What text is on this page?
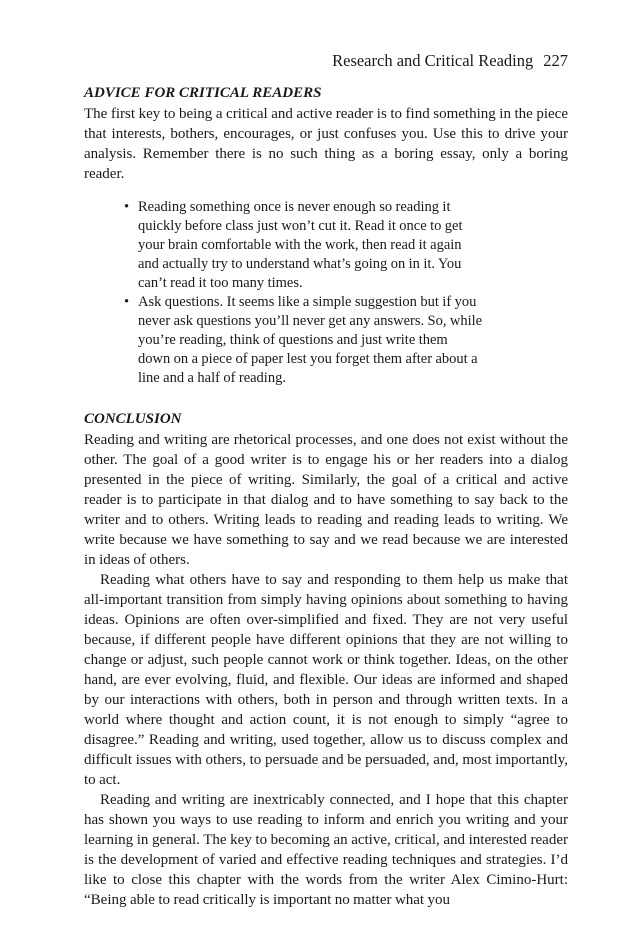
Research and Critical Reading 227
ADVICE FOR CRITICAL READERS

The first key to being a critical and active reader is to find something in the piece that interests, bothers, encourages, or just confuses you. Use this to drive your analysis. Remember there is no such thing as a boring essay, only a boring reader.

• Reading something once is never enough so reading it quickly before class just won’t cut it. Read it once to get your brain comfortable with the work, then read it again and actually try to understand what’s going on in it. You can’t read it too many times.
• Ask questions. It seems like a simple suggestion but if you never ask questions you’ll never get any answers. So, while you’re reading, think of questions and just write them down on a piece of paper lest you forget them after about a line and a half of reading.
CONCLUSION

Reading and writing are rhetorical processes, and one does not exist without the other. The goal of a good writer is to engage his or her readers into a dialog presented in the piece of writing. Similarly, the goal of a critical and active reader is to participate in that dialog and to have something to say back to the writer and to others. Writing leads to reading and reading leads to writing. We write because we have something to say and we read because we are interested in ideas of others.

Reading what others have to say and responding to them help us make that all-important transition from simply having opinions about something to having ideas. Opinions are often over-simplified and fixed. They are not very useful because, if different people have different opinions that they are not willing to change or adjust, such people cannot work or think together. Ideas, on the other hand, are ever evolving, fluid, and flexible. Our ideas are informed and shaped by our interactions with others, both in person and through written texts. In a world where thought and action count, it is not enough to simply “agree to disagree.” Reading and writing, used together, allow us to discuss complex and difficult issues with others, to persuade and be persuaded, and, most importantly, to act.

Reading and writing are inextricably connected, and I hope that this chapter has shown you ways to use reading to inform and enrich you writing and your learning in general. The key to becoming an active, critical, and interested reader is the development of varied and effective reading techniques and strategies. I’d like to close this chapter with the words from the writer Alex Cimino-Hurt: “Being able to read critically is important no matter what you
